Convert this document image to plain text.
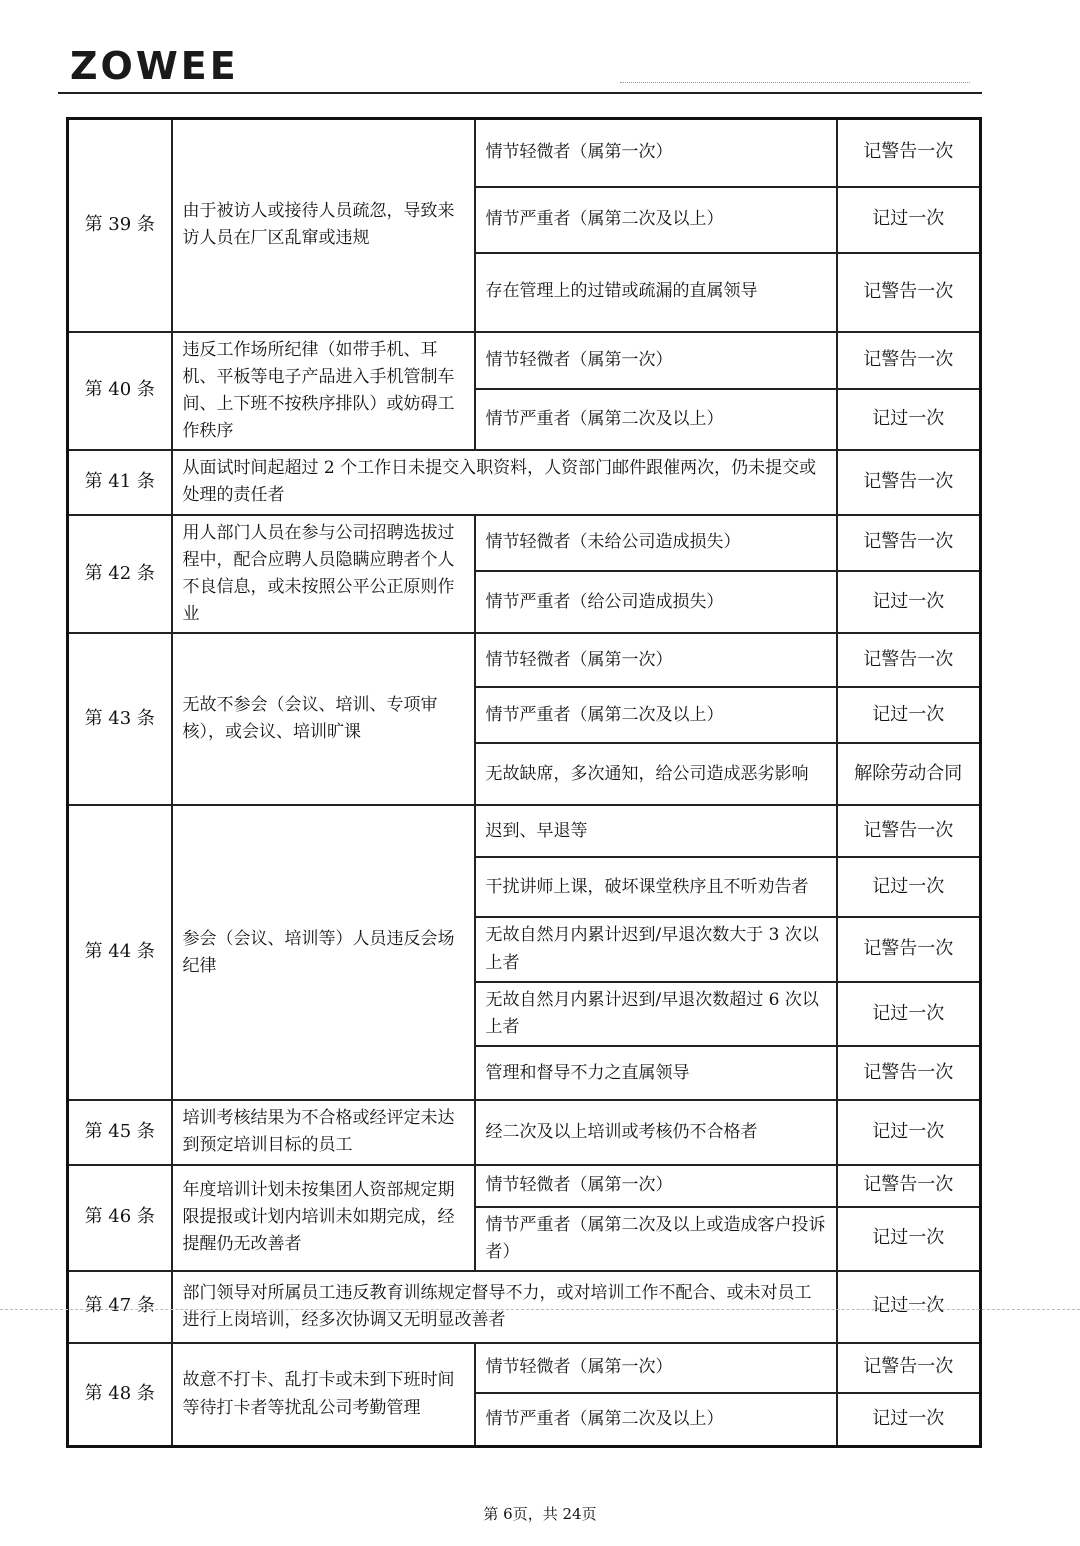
ZOWEE
第 39 条	由于被访人或接待人员疏忽，导致来访人员在厂区乱窜或违规	情节轻微者（属第一次）	记警告一次
		情节严重者（属第二次及以上）	记过一次
		存在管理上的过错或疏漏的直属领导	记警告一次
第 40 条	违反工作场所纪律（如带手机、耳机、平板等电子产品进入手机管制车间、上下班不按秩序排队）或妨碍工作秩序	情节轻微者（属第一次）	记警告一次
		情节严重者（属第二次及以上）	记过一次
第 41 条	从面试时间起超过 2 个工作日未提交入职资料，人资部门邮件跟催两次，仍未提交或处理的责任者		记警告一次
第 42 条	用人部门人员在参与公司招聘选拔过程中，配合应聘人员隐瞒应聘者个人不良信息，或未按照公平公正原则作业	情节轻微者（未给公司造成损失）	记警告一次
		情节严重者（给公司造成损失）	记过一次
第 43 条	无故不参会（会议、培训、专项审核），或会议、培训旷课	情节轻微者（属第一次）	记警告一次
		情节严重者（属第二次及以上）	记过一次
		无故缺席，多次通知，给公司造成恶劣影响	解除劳动合同
第 44 条	参会（会议、培训等）人员违反会场纪律	迟到、早退等	记警告一次
		干扰讲师上课，破坏课堂秩序且不听劝告者	记过一次
		无故自然月内累计迟到/早退次数大于 3 次以上者	记警告一次
		无故自然月内累计迟到/早退次数超过 6 次以上者	记过一次
		管理和督导不力之直属领导	记警告一次
第 45 条	培训考核结果为不合格或经评定未达到预定培训目标的员工	经二次及以上培训或考核仍不合格者	记过一次
第 46 条	年度培训计划未按集团人资部规定期限提报或计划内培训未如期完成，经提醒仍无改善者	情节轻微者（属第一次）	记警告一次
		情节严重者（属第二次及以上或造成客户投诉者）	记过一次
第 47 条	部门领导对所属员工违反教育训练规定督导不力，或对培训工作不配合、或未对员工进行上岗培训，经多次协调又无明显改善者		记过一次
第 48 条	故意不打卡、乱打卡或未到下班时间等待打卡者等扰乱公司考勤管理	情节轻微者（属第一次）	记警告一次
		情节严重者（属第二次及以上）	记过一次
第 6页，共 24页
